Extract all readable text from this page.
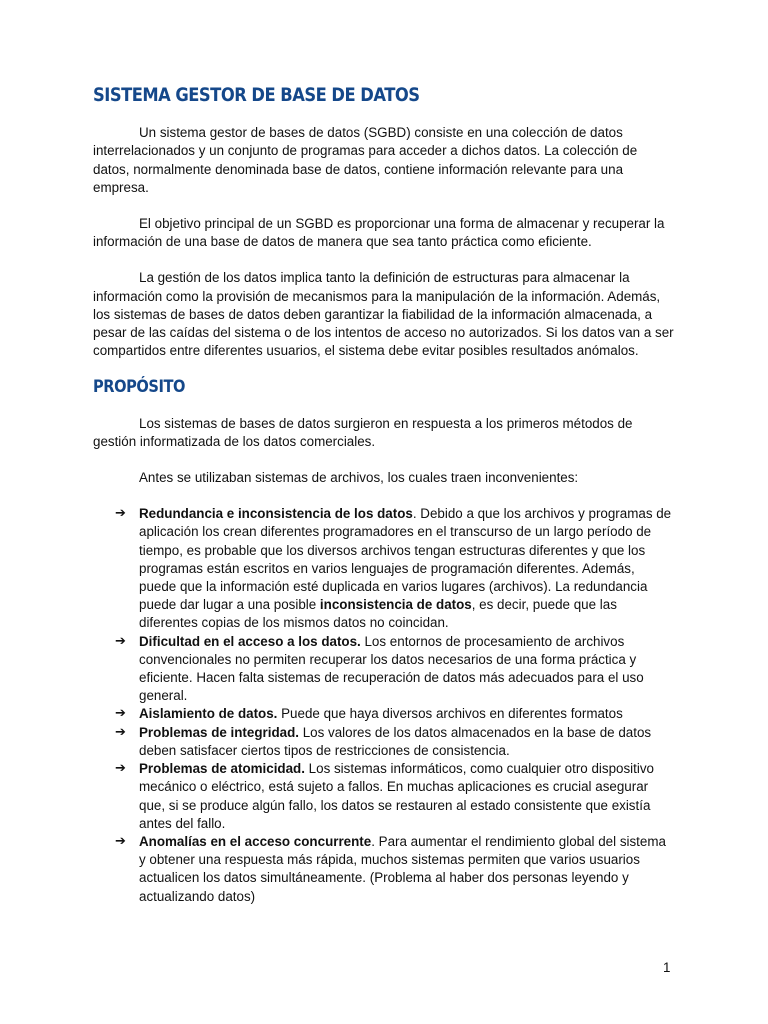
SISTEMA GESTOR DE BASE DE DATOS

Un sistema gestor de bases de datos (SGBD) consiste en una colección de datos interrelacionados y un conjunto de programas para acceder a dichos datos. La colección de datos, normalmente denominada base de datos, contiene información relevante para una empresa.

El objetivo principal de un SGBD es proporcionar una forma de almacenar y recuperar la información de una base de datos de manera que sea tanto práctica como eficiente.

La gestión de los datos implica tanto la definición de estructuras para almacenar la información como la provisión de mecanismos para la manipulación de la información. Además, los sistemas de bases de datos deben garantizar la fiabilidad de la información almacenada, a pesar de las caídas del sistema o de los intentos de acceso no autorizados. Si los datos van a ser compartidos entre diferentes usuarios, el sistema debe evitar posibles resultados anómalos.

PROPÓSITO

Los sistemas de bases de datos surgieron en respuesta a los primeros métodos de gestión informatizada de los datos comerciales.

Antes se utilizaban sistemas de archivos, los cuales traen inconvenientes:

➔ Redundancia e inconsistencia de los datos. Debido a que los archivos y programas de aplicación los crean diferentes programadores en el transcurso de un largo período de tiempo, es probable que los diversos archivos tengan estructuras diferentes y que los programas están escritos en varios lenguajes de programación diferentes. Además, puede que la información esté duplicada en varios lugares (archivos). La redundancia puede dar lugar a una posible inconsistencia de datos, es decir, puede que las diferentes copias de los mismos datos no coincidan.
➔ Dificultad en el acceso a los datos. Los entornos de procesamiento de archivos convencionales no permiten recuperar los datos necesarios de una forma práctica y eficiente. Hacen falta sistemas de recuperación de datos más adecuados para el uso general.
➔ Aislamiento de datos. Puede que haya diversos archivos en diferentes formatos
➔ Problemas de integridad. Los valores de los datos almacenados en la base de datos deben satisfacer ciertos tipos de restricciones de consistencia.
➔ Problemas de atomicidad. Los sistemas informáticos, como cualquier otro dispositivo mecánico o eléctrico, está sujeto a fallos. En muchas aplicaciones es crucial asegurar que, si se produce algún fallo, los datos se restauren al estado consistente que existía antes del fallo.
➔ Anomalías en el acceso concurrente. Para aumentar el rendimiento global del sistema y obtener una respuesta más rápida, muchos sistemas permiten que varios usuarios actualicen los datos simultáneamente. (Problema al haber dos personas leyendo y actualizando datos)
1
